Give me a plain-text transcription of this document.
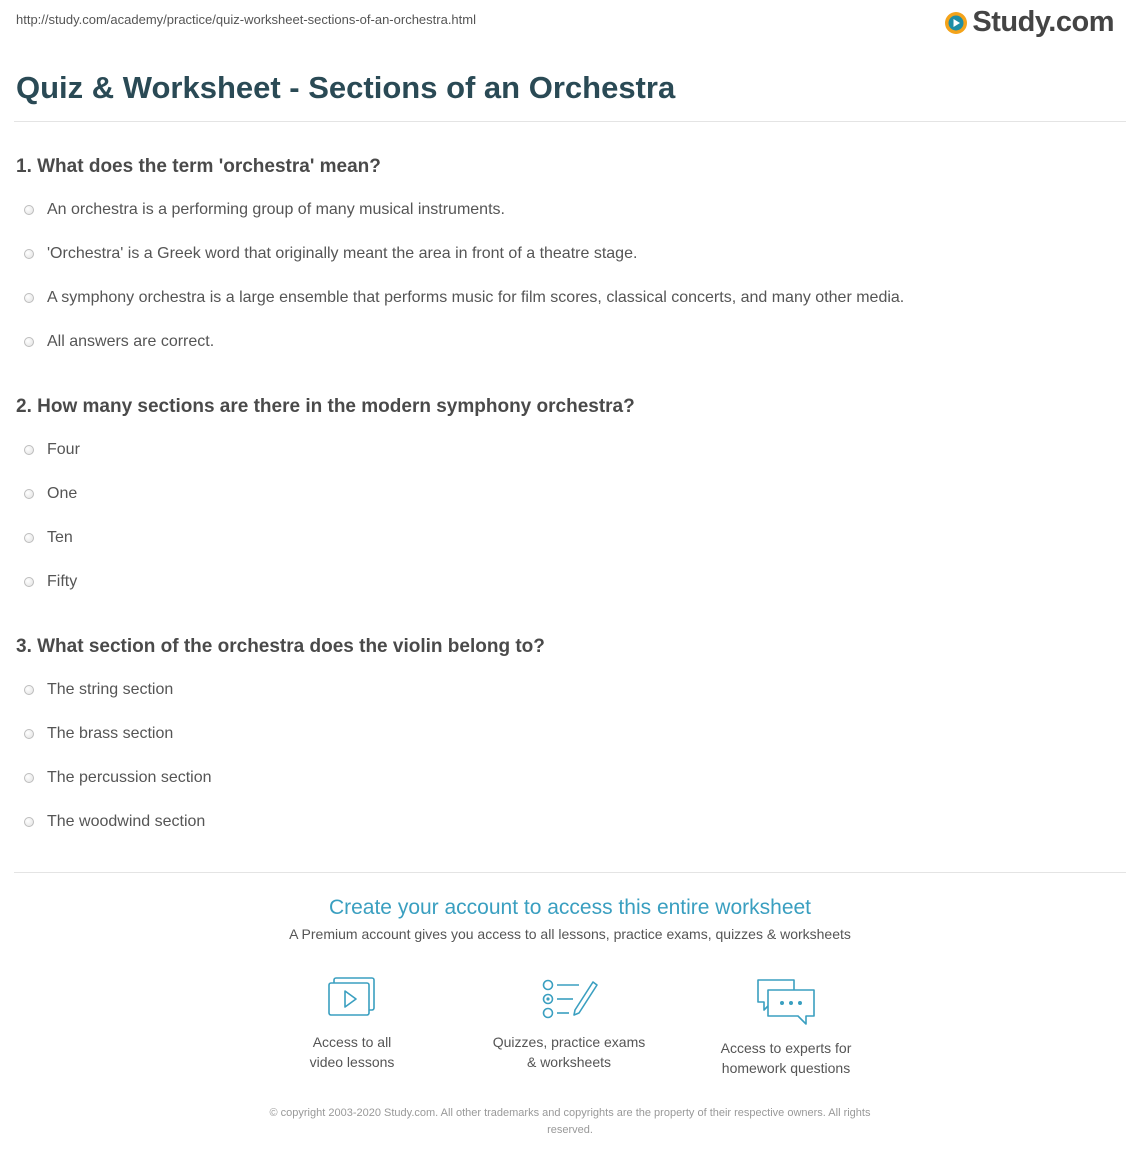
http://study.com/academy/practice/quiz-worksheet-sections-of-an-orchestra.html	Study.com
Quiz & Worksheet - Sections of an Orchestra
1. What does the term 'orchestra' mean?
An orchestra is a performing group of many musical instruments.
'Orchestra' is a Greek word that originally meant the area in front of a theatre stage.
A symphony orchestra is a large ensemble that performs music for film scores, classical concerts, and many other media.
All answers are correct.
2. How many sections are there in the modern symphony orchestra?
Four
One
Ten
Fifty
3. What section of the orchestra does the violin belong to?
The string section
The brass section
The percussion section
The woodwind section
Create your account to access this entire worksheet
A Premium account gives you access to all lessons, practice exams, quizzes & worksheets
Access to all
video lessons
Quizzes, practice exams
& worksheets
Access to experts for
homework questions
© copyright 2003-2020 Study.com. All other trademarks and copyrights are the property of their respective owners. All rights
reserved.
